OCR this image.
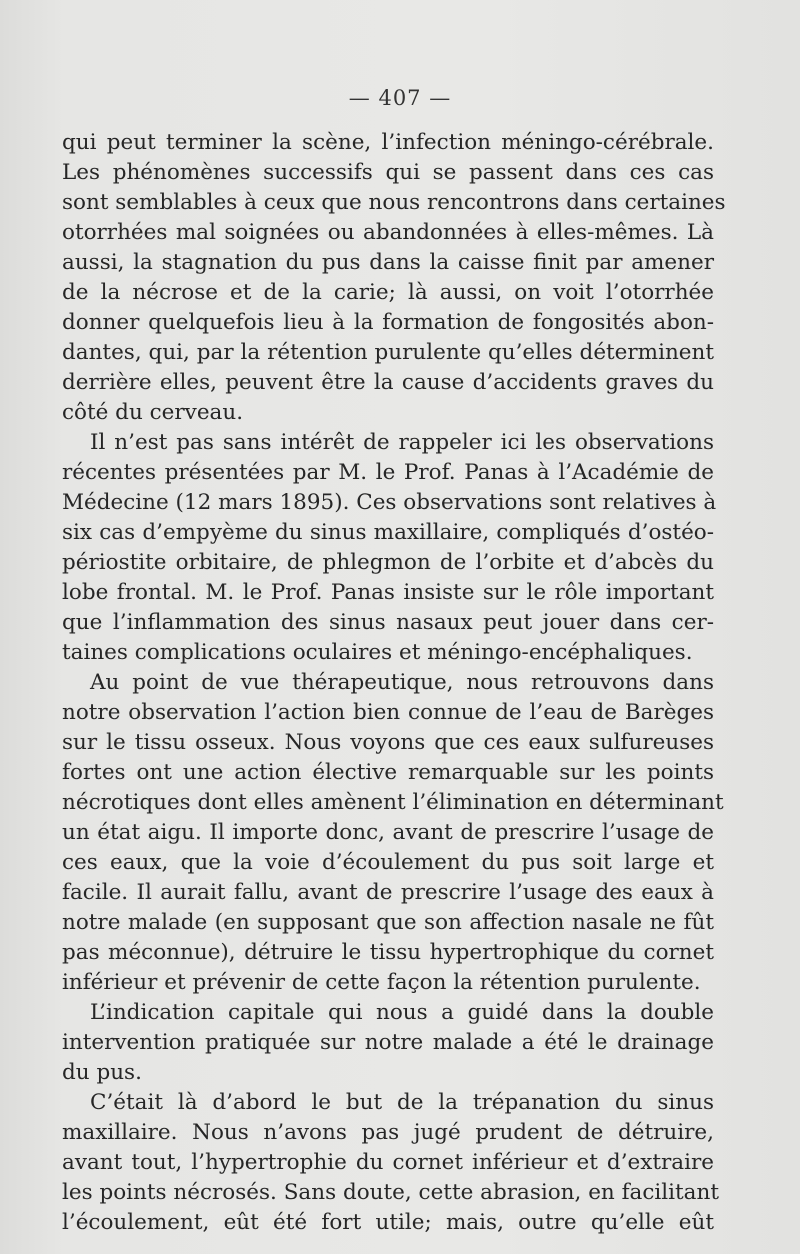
— 407 —
qui peut terminer la scène, l’infection méningo-cérébrale.
Les phénomènes successifs qui se passent dans ces cas
sont semblables à ceux que nous rencontrons dans certaines
otorrhées mal soignées ou abandonnées à elles-mêmes. Là
aussi, la stagnation du pus dans la caisse finit par amener
de la nécrose et de la carie; là aussi, on voit l’otorrhée
donner quelquefois lieu à la formation de fongosités abon-
dantes, qui, par la rétention purulente qu’elles déterminent
derrière elles, peuvent être la cause d’accidents graves du
côté du cerveau.
Il n’est pas sans intérêt de rappeler ici les observations
récentes présentées par M. le Prof. Panas à l’Académie de
Médecine (12 mars 1895). Ces observations sont relatives à
six cas d’empyème du sinus maxillaire, compliqués d’ostéo-
périostite orbitaire, de phlegmon de l’orbite et d’abcès du
lobe frontal. M. le Prof. Panas insiste sur le rôle important
que l’inflammation des sinus nasaux peut jouer dans cer-
taines complications oculaires et méningo-encéphaliques.
Au point de vue thérapeutique, nous retrouvons dans
notre observation l’action bien connue de l’eau de Barèges
sur le tissu osseux. Nous voyons que ces eaux sulfureuses
fortes ont une action élective remarquable sur les points
nécrotiques dont elles amènent l’élimination en déterminant
un état aigu. Il importe donc, avant de prescrire l’usage de
ces eaux, que la voie d’écoulement du pus soit large et
facile. Il aurait fallu, avant de prescrire l’usage des eaux à
notre malade (en supposant que son affection nasale ne fût
pas méconnue), détruire le tissu hypertrophique du cornet
inférieur et prévenir de cette façon la rétention purulente.
L’indication capitale qui nous a guidé dans la double
intervention pratiquée sur notre malade a été le drainage
du pus.
C’était là d’abord le but de la trépanation du sinus
maxillaire. Nous n’avons pas jugé prudent de détruire,
avant tout, l’hypertrophie du cornet inférieur et d’extraire
les points nécrosés. Sans doute, cette abrasion, en facilitant
l’écoulement, eût été fort utile; mais, outre qu’elle eût
